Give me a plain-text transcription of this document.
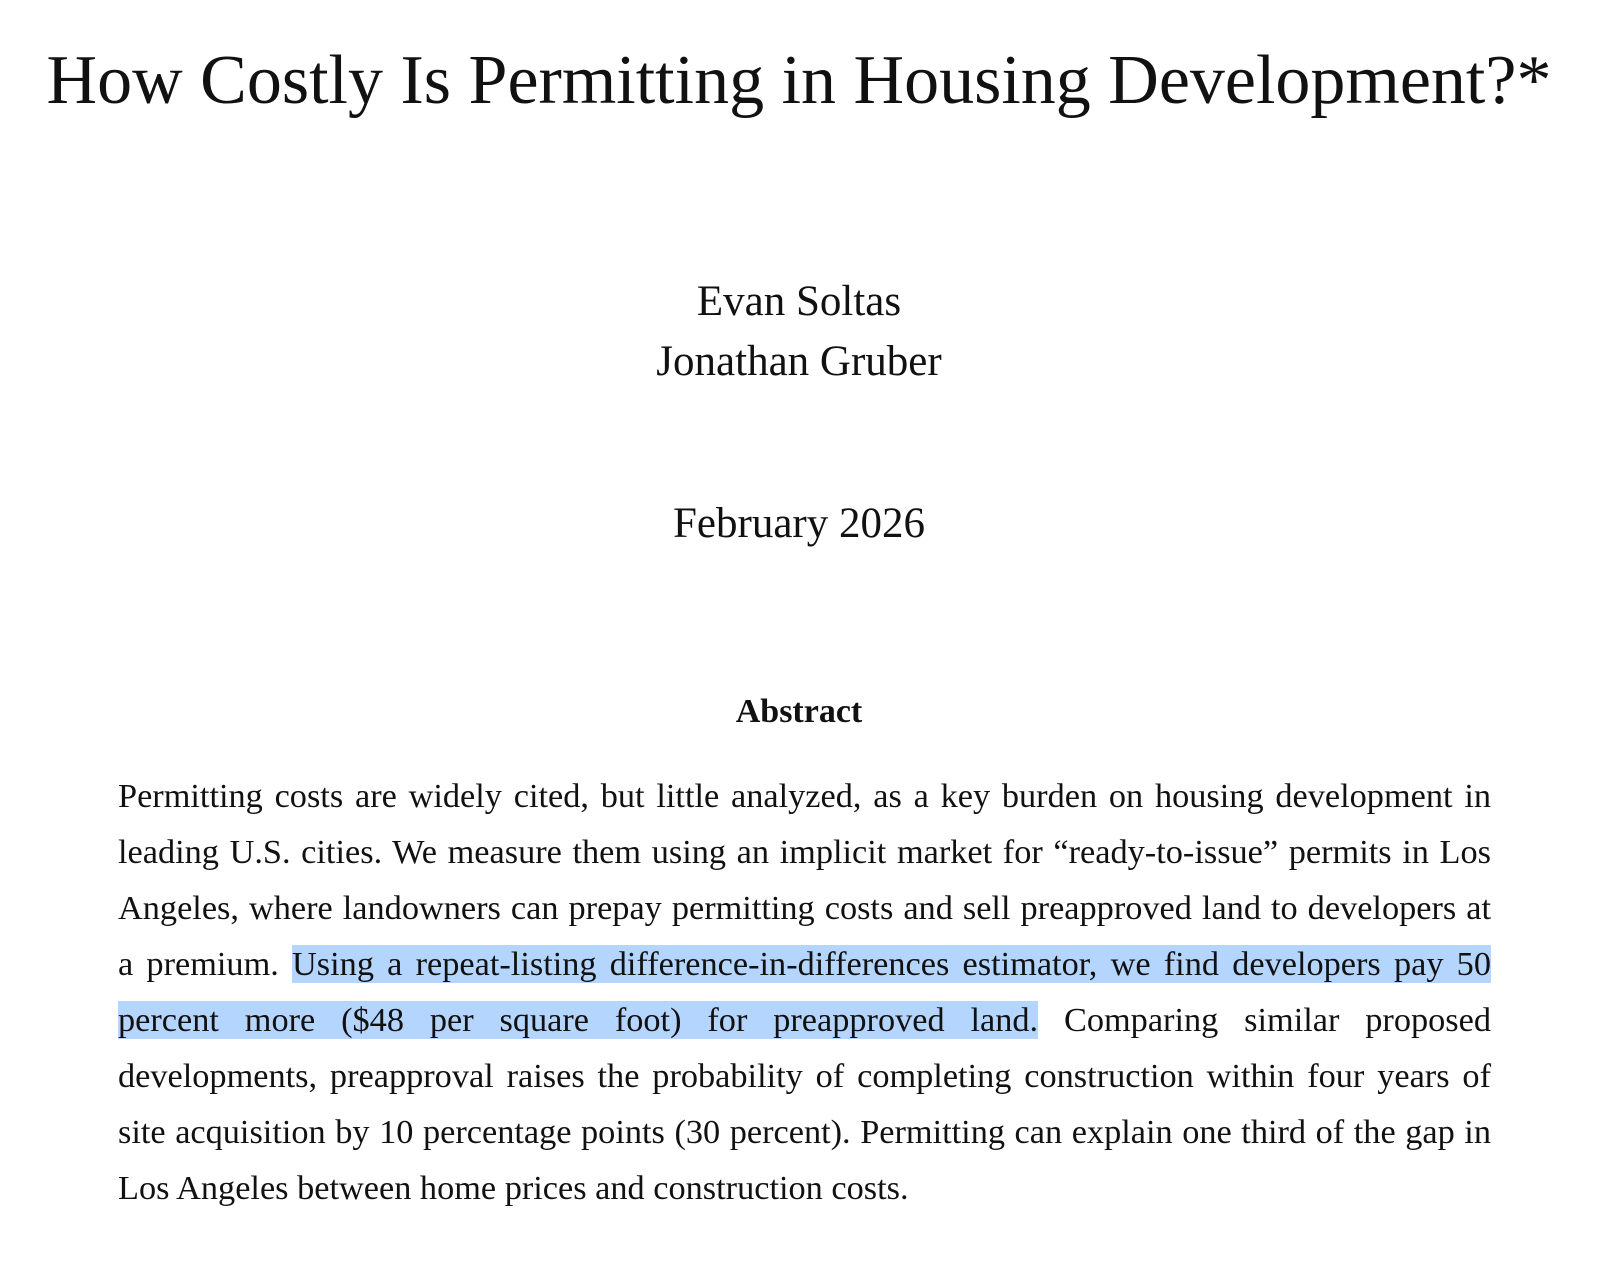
How Costly Is Permitting in Housing Development?*
Evan Soltas
Jonathan Gruber
February 2026
Abstract

Permitting costs are widely cited, but little analyzed, as a key burden on housing development in leading U.S. cities. We measure them using an implicit market for “ready-to-issue” permits in Los Angeles, where landowners can prepay permitting costs and sell preapproved land to developers at a premium. Using a repeat-listing difference-in-differences estimator, we find developers pay 50 percent more ($48 per square foot) for preapproved land. Comparing similar proposed developments, preapproval raises the probability of completing construction within four years of site acquisition by 10 percentage points (30 percent). Permitting can explain one third of the gap in Los Angeles between home prices and construction costs.
